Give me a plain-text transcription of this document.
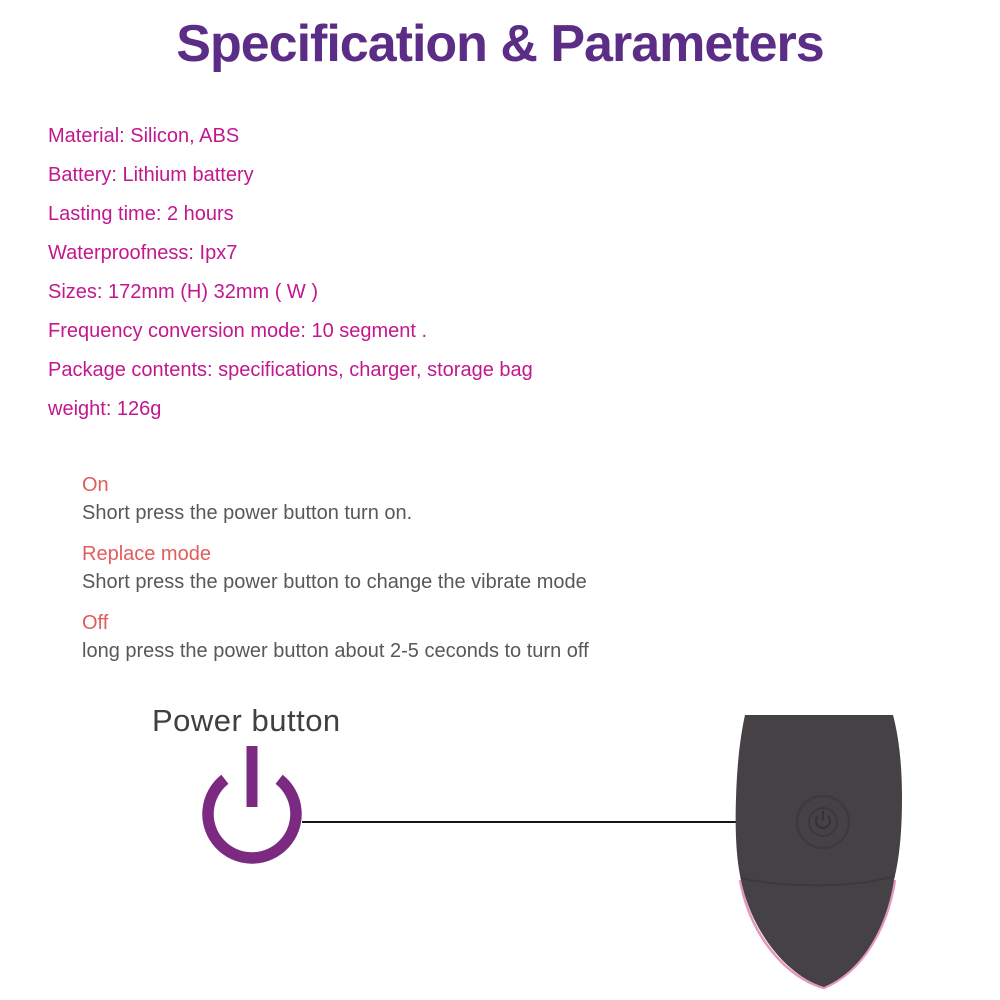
Specification & Parameters

Material: Silicon, ABS

Battery: Lithium battery

Lasting time: 2 hours

Waterproofness: Ipx7

Sizes: 172mm (H) 32mm ( W )

Frequency conversion mode: 10 segment .

Package contents: specifications, charger, storage bag

weight: 126g

On

Short press the power button turn on.

Replace mode

Short press the power button to change the vibrate mode

Off

long press the power button about 2-5 ceconds to turn off

Power button
